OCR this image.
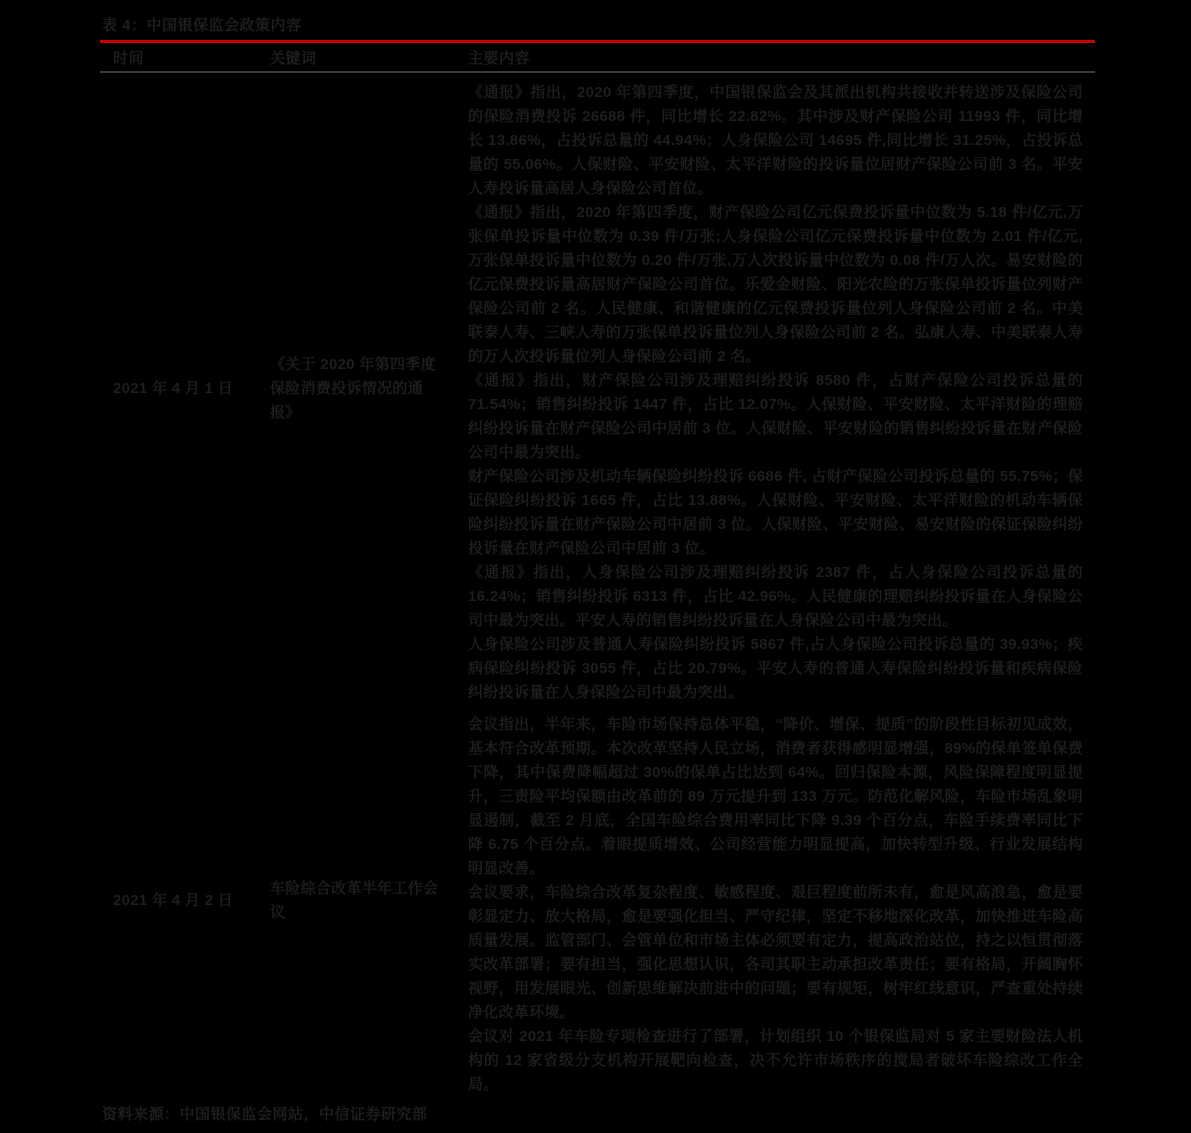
表 4：中国银保监会政策内容
时间	关键词	主要内容
2021 年 4 月 1 日
《关于 2020 年第四季度保险消费投诉情况的通报》

《通报》指出，2020 年第四季度，中国银保监会及其派出机构共接收并转送涉及保险公司的保险消费投诉 26688 件，同比增长 22.82%。其中涉及财产保险公司 11993 件，同比增长 13.86%，占投诉总量的 44.94%；人身保险公司 14695 件,同比增长 31.25%，占投诉总量的 55.06%。人保财险、平安财险、太平洋财险的投诉量位居财产保险公司前 3 名。平安人寿投诉量高居人身保险公司首位。

《通报》指出，2020 年第四季度，财产保险公司亿元保费投诉量中位数为 5.18 件/亿元,万张保单投诉量中位数为 0.39 件/万张;人身保险公司亿元保费投诉量中位数为 2.01 件/亿元,万张保单投诉量中位数为 0.20 件/万张,万人次投诉量中位数为 0.08 件/万人次。易安财险的亿元保费投诉量高居财产保险公司首位。乐爱金财险、阳光农险的万张保单投诉量位列财产保险公司前 2 名。人民健康、和谐健康的亿元保费投诉量位列人身保险公司前 2 名。中美联泰人寿、三峡人寿的万张保单投诉量位列人身保险公司前 2 名。弘康人寿、中美联泰人寿的万人次投诉量位列人身保险公司前 2 名。

《通报》指出，财产保险公司涉及理赔纠纷投诉 8580 件，占财产保险公司投诉总量的 71.54%；销售纠纷投诉 1447 件，占比 12.07%。人保财险、平安财险、太平洋财险的理赔纠纷投诉量在财产保险公司中居前 3 位。人保财险、平安财险的销售纠纷投诉量在财产保险公司中最为突出。

财产保险公司涉及机动车辆保险纠纷投诉 6686 件, 占财产保险公司投诉总量的 55.75%；保证保险纠纷投诉 1665 件，占比 13.88%。人保财险、平安财险、太平洋财险的机动车辆保险纠纷投诉量在财产保险公司中居前 3 位。人保财险、平安财险、易安财险的保证保险纠纷投诉量在财产保险公司中居前 3 位。

《通报》指出，人身保险公司涉及理赔纠纷投诉 2387 件，占人身保险公司投诉总量的 16.24%；销售纠纷投诉 6313 件，占比 42.96%。人民健康的理赔纠纷投诉量在人身保险公司中最为突出。平安人寿的销售纠纷投诉量在人身保险公司中最为突出。

人身保险公司涉及普通人寿保险纠纷投诉 5867 件,占人身保险公司投诉总量的 39.93%；疾病保险纠纷投诉 3055 件，占比 20.79%。平安人寿的普通人寿保险纠纷投诉量和疾病保险纠纷投诉量在人身保险公司中最为突出。

2021 年 4 月 2 日
车险综合改革半年工作会议

会议指出，半年来，车险市场保持总体平稳，“降价、增保、提质”的阶段性目标初见成效，基本符合改革预期。本次改革坚持人民立场，消费者获得感明显增强，89%的保单签单保费下降，其中保费降幅超过 30%的保单占比达到 64%。回归保险本源，风险保障程度明显提升，三责险平均保额由改革前的 89 万元提升到 133 万元。防范化解风险，车险市场乱象明显遏制，截至 2 月底，全国车险综合费用率同比下降 9.39 个百分点，车险手续费率同比下降 6.75 个百分点。着眼提质增效、公司经营能力明显提高，加快转型升级、行业发展结构明显改善。

会议要求，车险综合改革复杂程度、敏感程度、艰巨程度前所未有，愈是风高浪急，愈是要彰显定力、放大格局，愈是要强化担当、严守纪律，坚定不移地深化改革，加快推进车险高质量发展。监管部门、会管单位和市场主体必须要有定力，提高政治站位，持之以恒贯彻落实改革部署；要有担当，强化思想认识，各司其职主动承担改革责任；要有格局，开阔胸怀视野，用发展眼光、创新思维解决前进中的问题；要有规矩，树牢红线意识，严查重处持续净化改革环境。

会议对 2021 年车险专项检查进行了部署，计划组织 10 个银保监局对 5 家主要财险法人机构的 12 家省级分支机构开展靶向检查，决不允许市场秩序的搅局者破坏车险综改工作全局。

资料来源：中国银保监会网站，中信证券研究部
